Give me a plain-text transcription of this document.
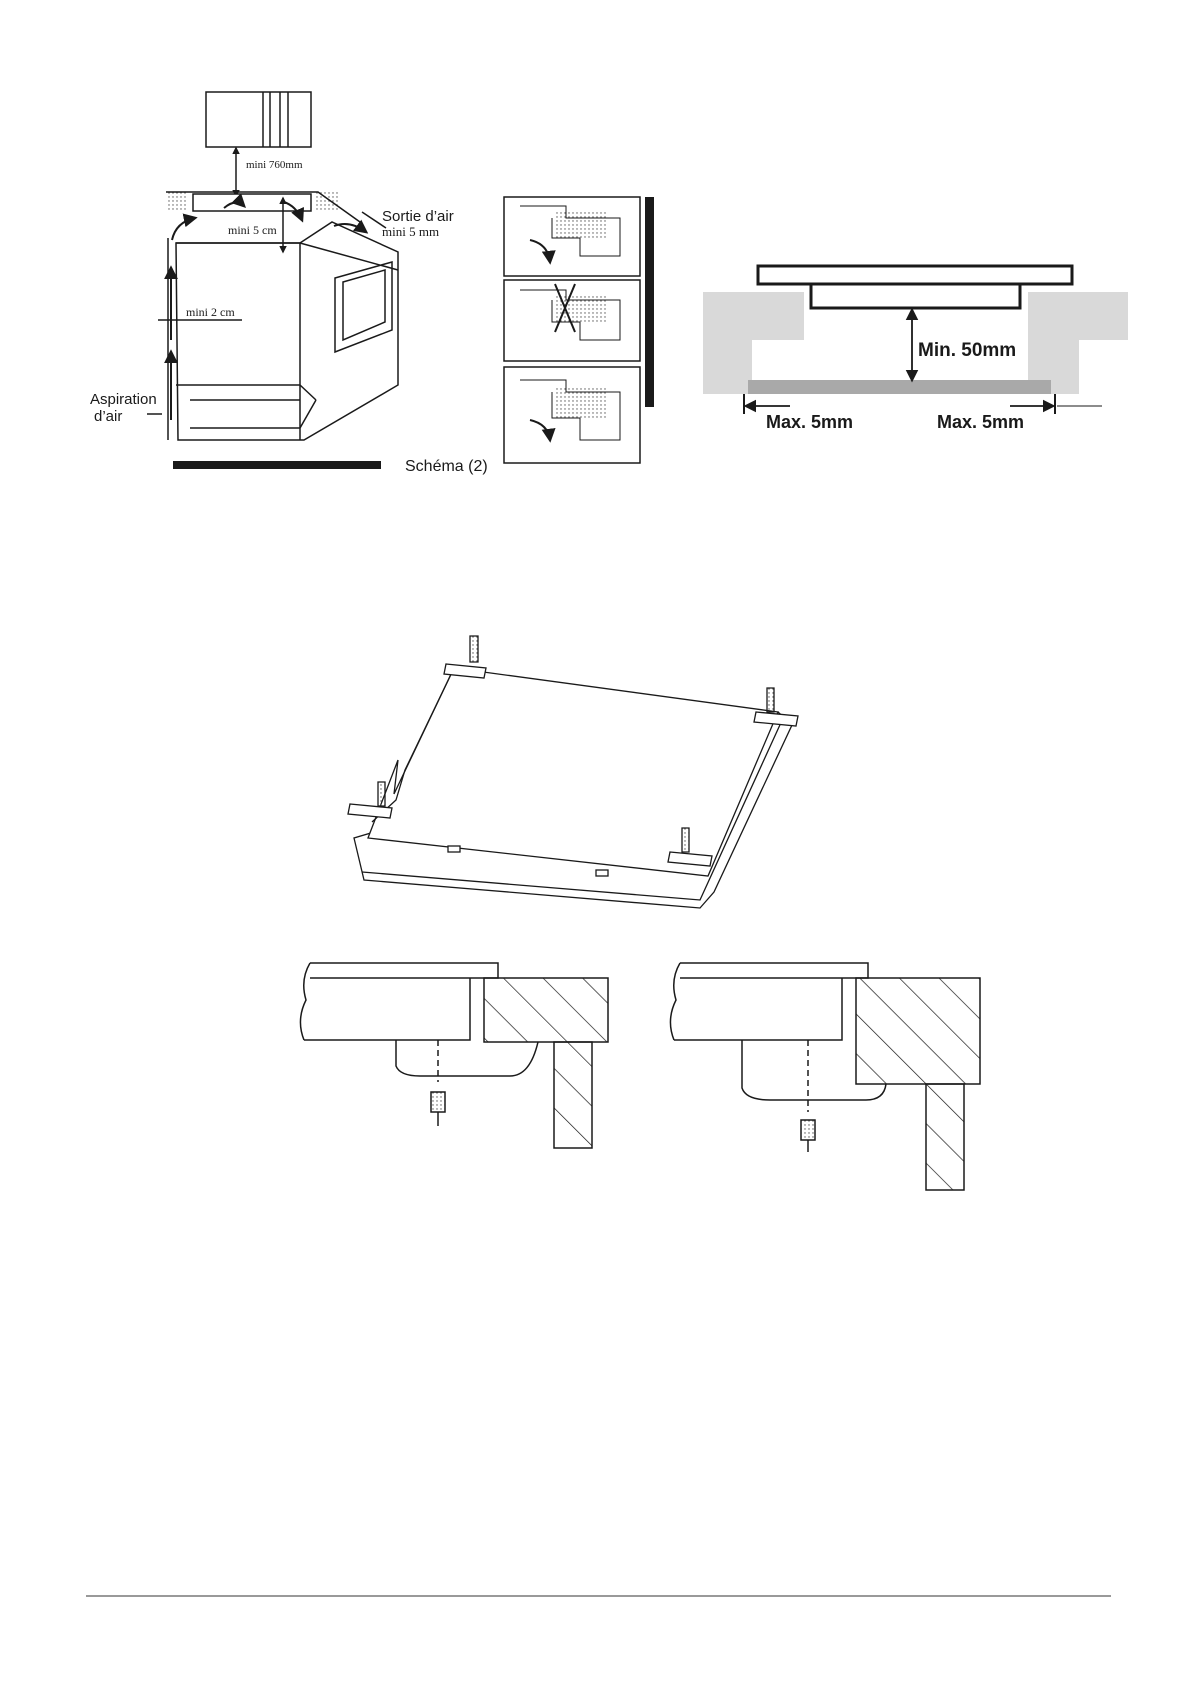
mini 760mm
Sortie d’air
mini 5 mm
mini 5 cm
mini 2 cm
Aspiration
d’air
Schéma (2)
Min. 50mm
Max. 5mm	Max. 5mm
